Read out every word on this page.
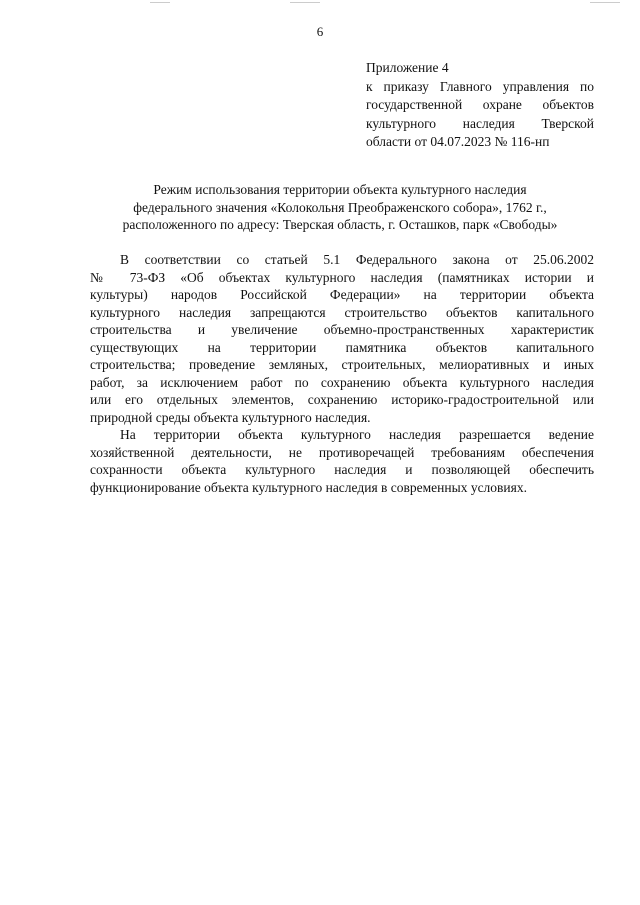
6
Приложение 4
к приказу Главного управления по
государственной охране объектов
культурного наследия Тверской
области от 04.07.2023 № 116-нп
Режим использования территории объекта культурного наследия
федерального значения «Колокольня Преображенского собора», 1762 г.,
расположенного по адресу: Тверская область, г. Осташков, парк «Свободы»
В соответствии со статьей 5.1 Федерального закона от 25.06.2002
№ 73-ФЗ «Об объектах культурного наследия (памятниках истории и
культуры) народов Российской Федерации» на территории объекта
культурного наследия запрещаются строительство объектов капитального
строительства и увеличение объемно-пространственных характеристик
существующих на территории памятника объектов капитального
строительства; проведение земляных, строительных, мелиоративных и иных
работ, за исключением работ по сохранению объекта культурного наследия
или его отдельных элементов, сохранению историко-градостроительной или
природной среды объекта культурного наследия.
На территории объекта культурного наследия разрешается ведение
хозяйственной деятельности, не противоречащей требованиям обеспечения
сохранности объекта культурного наследия и позволяющей обеспечить
функционирование объекта культурного наследия в современных условиях.
